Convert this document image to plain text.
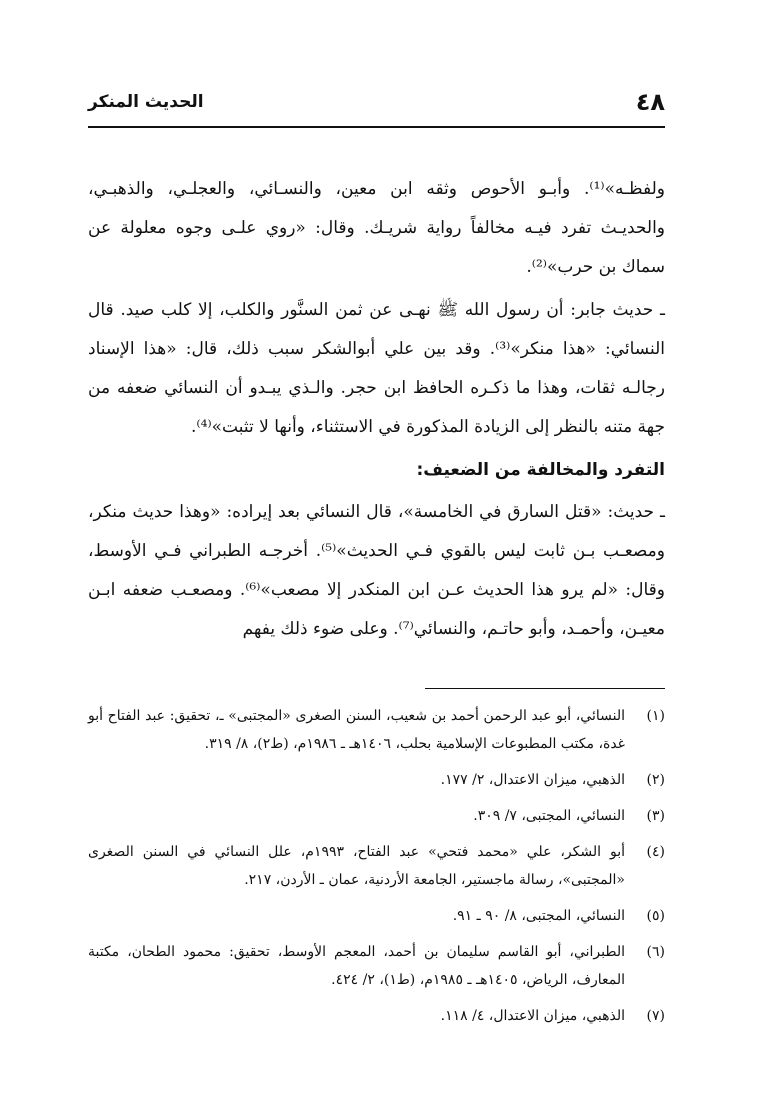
٤٨
الحديث المنكر

ولفظـه»⁽¹⁾. وأبـو الأحوص وثقه ابن معين، والنسـائي، والعجلـي، والذهبـي، والحديـث تفرد فيـه مخالفاً رواية شريـك. وقال: «روي علـى وجوه معلولة عن سماك بن حرب»⁽²⁾.

ـ حديث جابر: أن رسول الله ﷺ نهـى عن ثمن السنَّور والكلب، إلا كلب صيد. قال النسائي: «هذا منكر»⁽³⁾. وقد بين علي أبوالشكر سبب ذلك، قال: «هذا الإسناد رجالـه ثقات، وهذا ما ذكـره الحافظ ابن حجر. والـذي يبـدو أن النسائي ضعفه من جهة متنه بالنظر إلى الزيادة المذكورة في الاستثناء، وأنها لا تثبت»⁽⁴⁾.

التفرد والمخالفة من الضعيف:

ـ حديث: «قتل السارق في الخامسة»، قال النسائي بعد إيراده: «وهذا حديث منكر، ومصعـب بـن ثابت ليس بالقوي فـي الحديث»⁽⁵⁾. أخرجـه الطبراني فـي الأوسط، وقال: «لم يرو هذا الحديث عـن ابن المنكدر إلا مصعب»⁽⁶⁾. ومصعـب ضعفه ابـن معيـن، وأحمـد، وأبو حاتـم، والنسائي⁽⁷⁾. وعلى ضوء ذلك يفهم

(١)
النسائي، أبو عبد الرحمن أحمد بن شعيب، السنن الصغرى «المجتبى» ـ، تحقيق: عبد الفتاح أبو غدة، مكتب المطبوعات الإسلامية بحلب، ١٤٠٦هـ ـ ١٩٨٦م، (ط٢)، ٨/ ٣١٩.
(٢)
الذهبي، ميزان الاعتدال، ٢/ ١٧٧.
(٣)
النسائي، المجتبى، ٧/ ٣٠٩.
(٤)
أبو الشكر، علي «محمد فتحي» عبد الفتاح، ١٩٩٣م، علل النسائي في السنن الصغرى «المجتبى»، رسالة ماجستير، الجامعة الأردنية، عمان ـ الأردن، ٢١٧.
(٥)
النسائي، المجتبى، ٨/ ٩٠ ـ ٩١.
(٦)
الطبراني، أبو القاسم سليمان بن أحمد، المعجم الأوسط، تحقيق: محمود الطحان، مكتبة المعارف، الرياض، ١٤٠٥هـ ـ ١٩٨٥م، (ط١)، ٢/ ٤٢٤.
(٧)
الذهبي، ميزان الاعتدال، ٤/ ١١٨.
